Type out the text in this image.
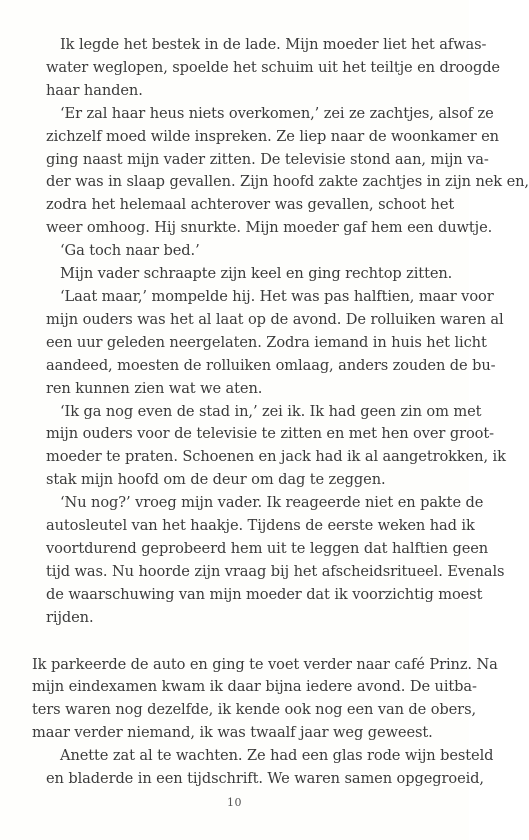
Ik legde het bestek in de lade. Mijn moeder liet het afwas-
water weglopen, spoelde het schuim uit het teiltje en droogde
haar handen.

‘Er zal haar heus niets overkomen,’ zei ze zachtjes, alsof ze
zichzelf moed wilde inspreken. Ze liep naar de woonkamer en
ging naast mijn vader zitten. De televisie stond aan, mijn va-
der was in slaap gevallen. Zijn hoofd zakte zachtjes in zijn nek en,
zodra het helemaal achterover was gevallen, schoot het
weer omhoog. Hij snurkte. Mijn moeder gaf hem een duwtje.

‘Ga toch naar bed.’

Mijn vader schraapte zijn keel en ging rechtop zitten.

‘Laat maar,’ mompelde hij. Het was pas halftien, maar voor
mijn ouders was het al laat op de avond. De rolluiken waren al
een uur geleden neergelaten. Zodra iemand in huis het licht
aandeed, moesten de rolluiken omlaag, anders zouden de bu-
ren kunnen zien wat we aten.

‘Ik ga nog even de stad in,’ zei ik. Ik had geen zin om met
mijn ouders voor de televisie te zitten en met hen over groot-
moeder te praten. Schoenen en jack had ik al aangetrokken, ik
stak mijn hoofd om de deur om dag te zeggen.

‘Nu nog?’ vroeg mijn vader. Ik reageerde niet en pakte de
autosleutel van het haakje. Tijdens de eerste weken had ik
voortdurend geprobeerd hem uit te leggen dat halftien geen
tijd was. Nu hoorde zijn vraag bij het afscheidsritueel. Evenals
de waarschuwing van mijn moeder dat ik voorzichtig moest
rijden.

Ik parkeerde de auto en ging te voet verder naar café Prinz. Na
mijn eindexamen kwam ik daar bijna iedere avond. De uitba-
ters waren nog dezelfde, ik kende ook nog een van de obers,
maar verder niemand, ik was twaalf jaar weg geweest.

Anette zat al te wachten. Ze had een glas rode wijn besteld
en bladerde in een tijdschrift. We waren samen opgegroeid,

10
